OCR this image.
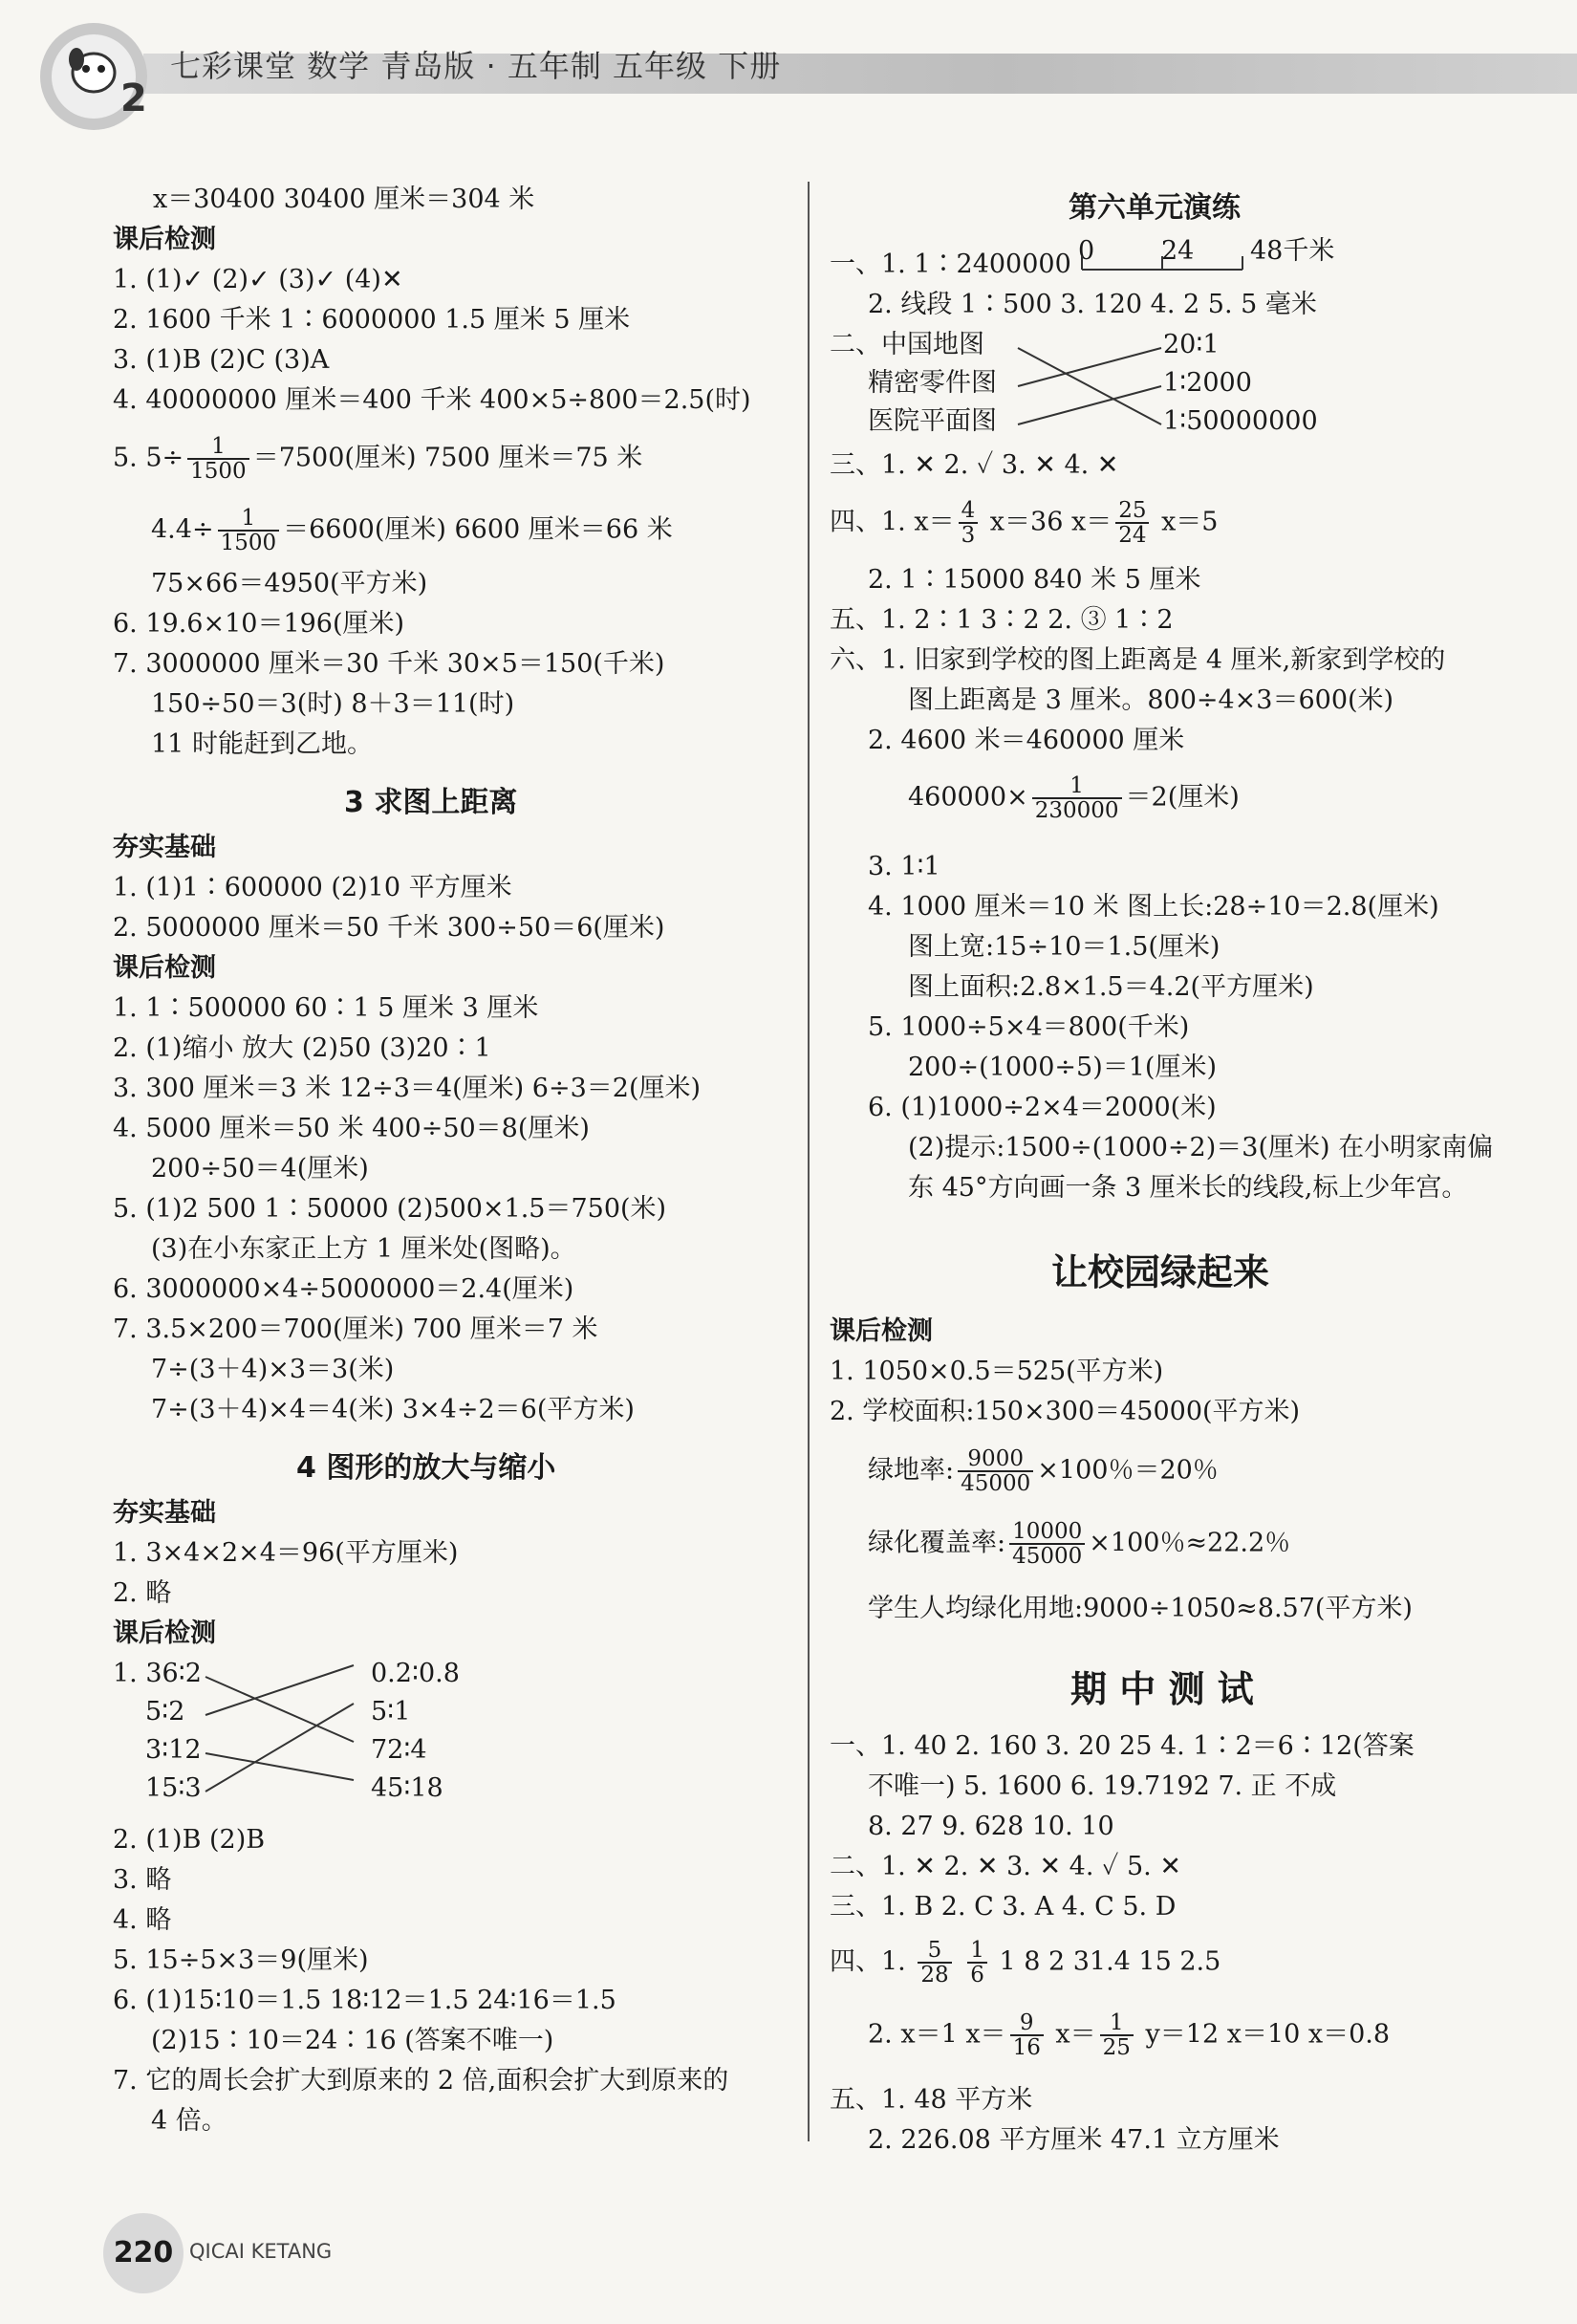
2
七彩课堂 数学 青岛版 · 五年制 五年级 下册
x＝30400 30400 厘米＝304 米
课后检测
1. (1)✓ (2)✓ (3)✓ (4)✕
2. 1600 千米 1∶6000000 1.5 厘米 5 厘米
3. (1)B (2)C (3)A
4. 40000000 厘米＝400 千米 400×5÷800＝2.5(时)
5. $5\div \frac{1}{1500} =7500$(厘米) 7500 厘米＝75 米
$4.4\div \frac{1}{1500} =6600$(厘米) 6600 厘米＝66 米
75×66＝4950(平方米)
6. 19.6×10＝196(厘米)
7. 3000000 厘米＝30 千米 30×5＝150(千米)
150÷50＝3(时) 8＋3＝11(时)
11 时能赶到乙地。
3 求图上距离
夯实基础
1. (1)1∶600000 (2)10 平方厘米
2. 5000000 厘米＝50 千米 300÷50＝6(厘米)
课后检测
1. 1∶500000 60∶1 5 厘米 3 厘米
2. (1)缩小 放大 (2)50 (3)20∶1
3. 300 厘米＝3 米 12÷3＝4(厘米) 6÷3＝2(厘米)
4. 5000 厘米＝50 米 400÷50＝8(厘米)
200÷50＝4(厘米)
5. (1)2 500 1∶50000 (2)500×1.5＝750(米)
(3)在小东家正上方 1 厘米处(图略)。
6. 3000000×4÷5000000＝2.4(厘米)
7. 3.5×200＝700(厘米) 700 厘米＝7 米
7÷(3＋4)×3＝3(米)
7÷(3＋4)×4＝4(米) 3×4÷2＝6(平方米)
4 图形的放大与缩小
夯实基础
1. 3×4×2×4＝96(平方厘米)
2. 略
课后检测
1. 36∶2
5∶2
3∶12
15∶3
0.2∶0.8
5∶1
72∶4
45∶18
2. (1)B (2)B
3. 略
4. 略
5. 15÷5×3＝9(厘米)
6. (1)15∶10＝1.5 18∶12＝1.5 24∶16＝1.5
(2)15∶10＝24∶16 (答案不唯一)
7. 它的周长会扩大到原来的 2 倍,面积会扩大到原来的
4 倍。
第六单元演练
一、1. 1∶2400000 0	24 48千米
2. 线段 1∶500 3. 120 4. 2 5. 5 毫米
二、中国地图
精密零件图
医院平面图
20∶1
1∶2000
1∶50000000
三、1. ✕ 2. ✓ 3. ✕ 4. ✕
四、1. $x= \frac{4}{3} x=36$ $x= \frac{25}{24} x=5$
2. 1∶15000 840 米 5 厘米
五、1. 2∶1 3∶2 2. ③ 1∶2
六、1. 旧家到学校的图上距离是 4 厘米,新家到学校的
图上距离是 3 厘米。800÷4×3＝600(米)
2. 4600 米＝460000 厘米
$460000\times \frac{1}{230000} =2$(厘米)
3. 1∶1
4. 1000 厘米＝10 米 图上长:28÷10＝2.8(厘米)
图上宽:15÷10＝1.5(厘米)
图上面积:2.8×1.5＝4.2(平方厘米)
5. 1000÷5×4＝800(千米)
200÷(1000÷5)＝1(厘米)
6. (1)1000÷2×4＝2000(米)
(2)提示:1500÷(1000÷2)＝3(厘米) 在小明家南偏
东 45°方向画一条 3 厘米长的线段,标上少年宫。
让校园绿起来
课后检测
1. 1050×0.5＝525(平方米)
2. 学校面积:150×300＝45000(平方米)
绿地率: $\frac{9000}{45000} \times 100$％＝20％
绿化覆盖率: $\frac{10000}{45000} \times 100$％≈22.2％
学生人均绿化用地:9000÷1050≈8.57(平方米)
期 中 测 试
一、1. 40 2. 160 3. 20 25 4. 1∶2＝6∶12(答案
不唯一) 5. 1600 6. 19.7192 7. 正 不成
8. 27 9. 628 10. 10
二、1. ✕ 2. ✕ 3. ✕ 4. ✓ 5. ✕
三、1. B 2. C 3. A 4. C 5. D
四、1. $\frac{5}{28}$
$\frac{1}{6} 1$ 8 2 31.4 15 2.5
2. x＝1 $x= \frac{9}{16} x= \frac{1}{25} y=12$ x＝10 x＝0.8
五、1. 48 平方米
2. 226.08 平方厘米 47.1 立方厘米
220 QICAI KETANG
